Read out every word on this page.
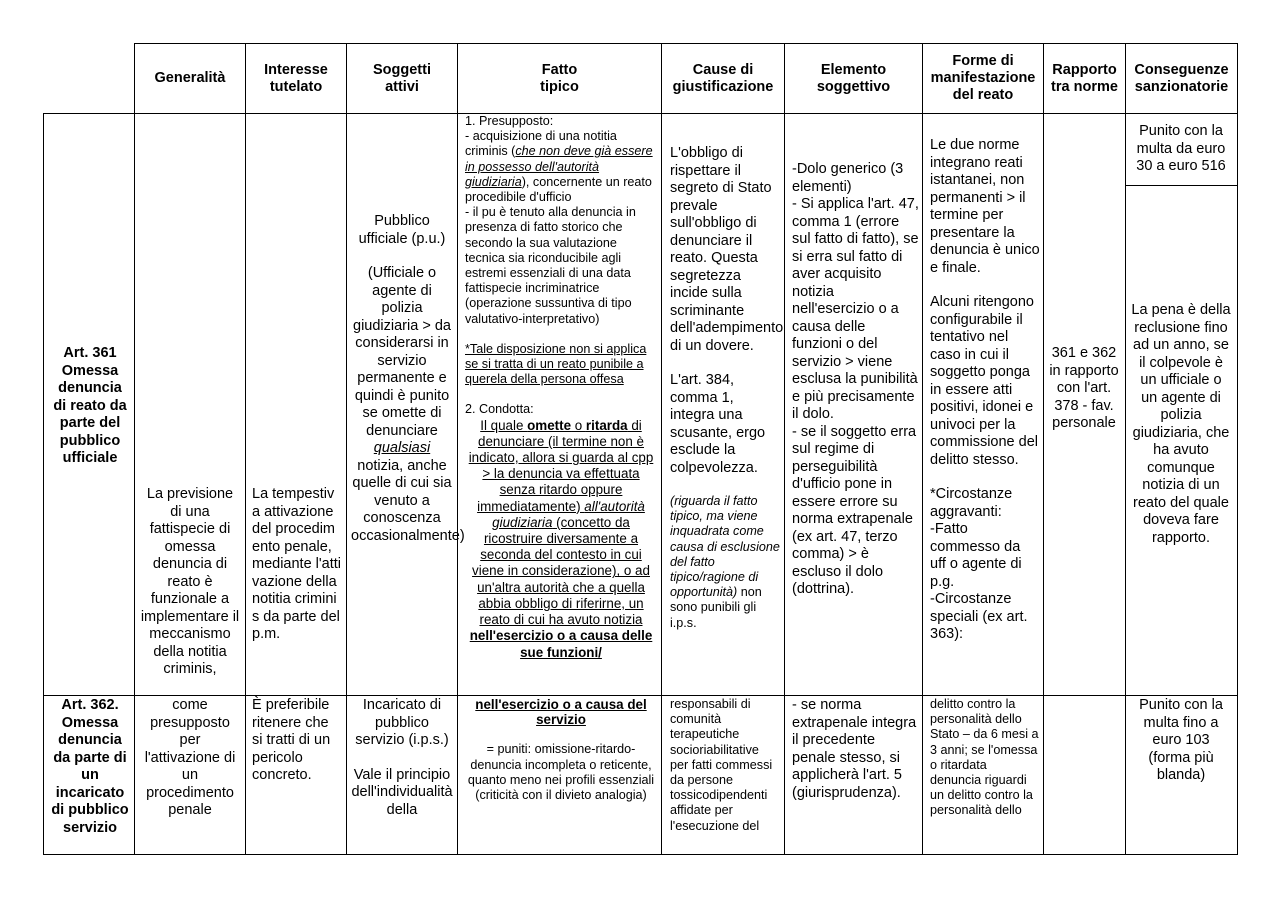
Generalità
Interesse tutelato
Soggetti attivi
Fatto tipico
Cause di giustificazione
Elemento soggettivo
Forme di manifestazione del reato
Rapporto tra norme
Conseguenze sanzionatorie
Art. 361 Omessa denuncia di reato da parte del pubblico ufficiale
La previsione di una fattispecie di omessa denuncia di reato è funzionale a implementare il meccanismo della notitia criminis,
La tempestiva attivazione del procedimento penale, mediante l'attivazione della notitia criminis da parte del p.m.

Pubblico ufficiale (p.u.)

(Ufficiale o agente di polizia giudiziaria > da considerarsi in servizio permanente e quindi è punito se omette di denunciare qualsiasi notizia, anche quelle di cui sia venuto a conoscenza occasionalmente)

1. Presupposto:

- acquisizione di una notitia criminis (che non deve già essere in possesso dell'autorità giudiziaria), concernente un reato procedibile d'ufficio

- il pu è tenuto alla denuncia in presenza di fatto storico che secondo la sua valutazione tecnica sia riconducibile agli estremi essenziali di una data fattispecie incriminatrice (operazione sussuntiva di tipo valutativo-interpretativo)

*Tale disposizione non si applica se si tratta di un reato punibile a querela della persona offesa

2. Condotta:

Il quale omette o ritarda di denunciare (il termine non è indicato, allora si guarda al cpp > la denuncia va effettuata senza ritardo oppure immediatamente) all'autorità giudiziaria (concetto da ricostruire diversamente a seconda del contesto in cui viene in considerazione), o ad un'altra autorità che a quella abbia obbligo di riferirne, un reato di cui ha avuto notizia nell'esercizio o a causa delle sue funzioni/

L'obbligo di rispettare il segreto di Stato prevale sull'obbligo di denunciare il reato. Questa segretezza incide sulla scriminante dell'adempimento di un dovere.

L'art. 384, comma 1, integra una scusante, ergo esclude la colpevolezza.

(riguarda il fatto tipico, ma viene inquadrata come causa di esclusione del fatto tipico/ragione di opportunità) non sono punibili gli i.p.s.

-Dolo generico (3 elementi)
- Si applica l'art. 47, comma 1 (errore sul fatto di fatto), se si erra sul fatto di aver acquisito notizia nell'esercizio o a causa delle funzioni o del servizio > viene esclusa la punibilità e più precisamente il dolo.
- se il soggetto erra sul regime di perseguibilità d'ufficio pone in essere errore su norma extrapenale (ex art. 47, terzo comma) > è escluso il dolo (dottrina).

Le due norme integrano reati istantanei, non permanenti > il termine per presentare la denuncia è unico e finale.

Alcuni ritengono configurabile il tentativo nel caso in cui il soggetto ponga in essere atti positivi, idonei e univoci per la commissione del delitto stesso.

*Circostanze aggravanti:
-Fatto commesso da uff o agente di p.g.
-Circostanze speciali (ex art. 363):

361 e 362 in rapporto con l'art. 378 - fav. personale
Punito con la multa da euro 30 a euro 516
La pena è della reclusione fino ad un anno, se il colpevole è un ufficiale o un agente di polizia giudiziaria, che ha avuto comunque notizia di un reato del quale doveva fare rapporto.
Art. 362. Omessa denuncia da parte di un incaricato di pubblico servizio
come presupposto per l'attivazione di un procedimento penale
È preferibile ritenere che si tratti di un pericolo concreto.

Incaricato di pubblico servizio (i.p.s.)

Vale il principio dell'individualità della

nell'esercizio o a causa del servizio

= puniti: omissione-ritardo-denuncia incompleta o reticente, quanto meno nei profili essenziali (criticità con il divieto analogia)

responsabili di comunità terapeutiche socioriabilitative per fatti commessi da persone tossicodipendenti affidate per l'esecuzione del
- se norma extrapenale integra il precedente penale stesso, si applicherà l'art. 5 (giurisprudenza).
delitto contro la personalità dello Stato – da 6 mesi a 3 anni; se l'omessa o ritardata denuncia riguardi un delitto contro la personalità dello
Punito con la multa fino a euro 103 (forma più blanda)
